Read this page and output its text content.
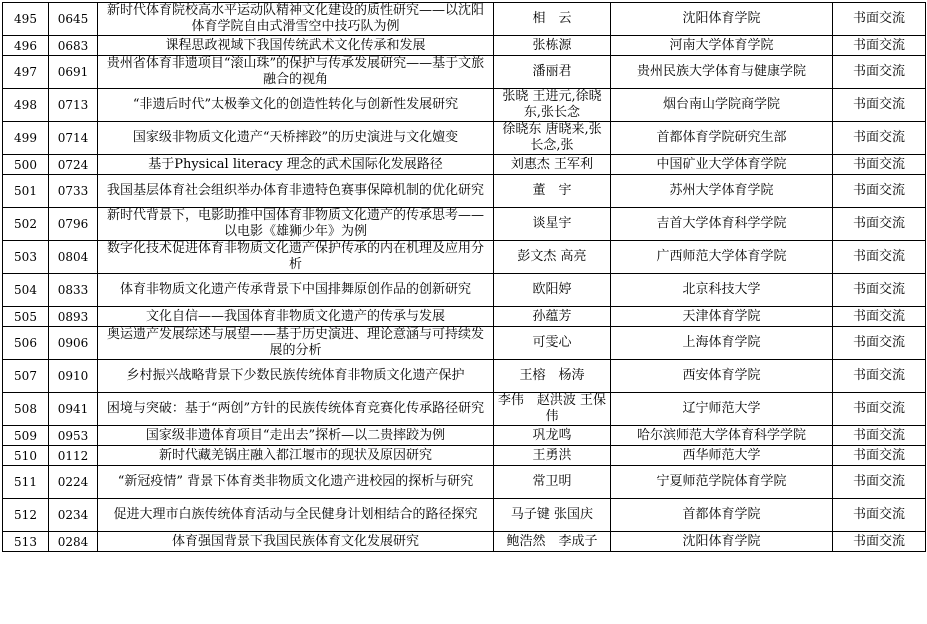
495	0645	新时代体育院校高水平运动队精神文化建设的质性研究——以沈阳体育学院自由式滑雪空中技巧队为例	相　云	沈阳体育学院	书面交流
496	0683	课程思政视域下我国传统武术文化传承和发展	张栋源	河南大学体育学院	书面交流
497	0691	贵州省体育非遗项目“滚山珠”的保护与传承发展研究——基于文旅融合的视角	潘丽君	贵州民族大学体育与健康学院	书面交流
498	0713	“非遗后时代”太极拳文化的创造性转化与创新性发展研究	张晓 王进元,徐晓东,张长念	烟台南山学院商学院	书面交流
499	0714	国家级非物质文化遗产“天桥摔跤”的历史演进与文化嬗变	徐晓东 唐晓来,张长念,张	首都体育学院研究生部	书面交流
500	0724	基于Physical literacy 理念的武术国际化发展路径	刘惠杰 王军利	中国矿业大学体育学院	书面交流
501	0733	我国基层体育社会组织举办体育非遗特色赛事保障机制的优化研究	董　宇	苏州大学体育学院	书面交流
502	0796	新时代背景下，电影助推中国体育非物质文化遗产的传承思考——以电影《雄狮少年》为例	谈星宇	吉首大学体育科学学院	书面交流
503	0804	数字化技术促进体育非物质文化遗产保护传承的内在机理及应用分析	彭文杰 高亮	广西师范大学体育学院	书面交流
504	0833	体育非物质文化遗产传承背景下中国排舞原创作品的创新研究	欧阳婷	北京科技大学	书面交流
505	0893	文化自信——我国体育非物质文化遗产的传承与发展	孙蕴芳	天津体育学院	书面交流
506	0906	奥运遗产发展综述与展望——基于历史演进、理论意涵与可持续发展的分析	可雯心	上海体育学院	书面交流
507	0910	乡村振兴战略背景下少数民族传统体育非物质文化遗产保护	王榕　杨涛	西安体育学院	书面交流
508	0941	困境与突破：基于“两创”方针的民族传统体育竞赛化传承路径研究	李伟　赵洪波 王保伟	辽宁师范大学	书面交流
509	0953	国家级非遗体育项目“走出去”探析—以二贵摔跤为例	巩龙鸣	哈尔滨师范大学体育科学学院	书面交流
510	0112	新时代藏羌锅庄融入都江堰市的现状及原因研究	王勇洪	西华师范大学	书面交流
511	0224	“新冠疫情” 背景下体育类非物质文化遗产进校园的探析与研究	常卫明	宁夏师范学院体育学院	书面交流
512	0234	促进大理市白族传统体育活动与全民健身计划相结合的路径探究	马子键 张国庆	首都体育学院	书面交流
513	0284	体育强国背景下我国民族体育文化发展研究	鲍浩然　李成子	沈阳体育学院	书面交流
